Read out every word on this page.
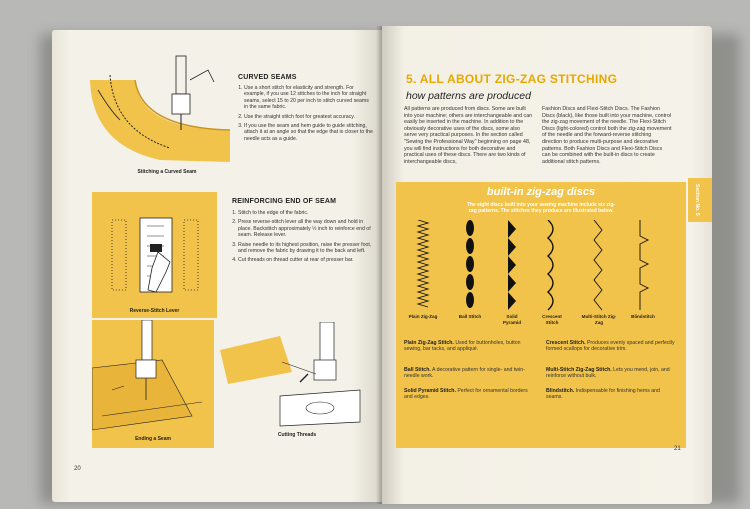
Stitching a Curved Seam
CURVED SEAMS
1. Use a short stitch for elasticity and strength. For example, if you use 12 stitches to the inch for straight seams, select 15 to 20 per inch to stitch curved seams in the same fabric.
2. Use the straight stitch foot for greatest accuracy.
3. If you use the seam and hem guide to guide stitching, attach it at an angle so that the edge that is closer to the needle acts as a guide.
Reverse-Stitch Lever
REINFORCING END OF SEAM
1. Stitch to the edge of the fabric.
2. Press reverse-stitch lever all the way down and hold in place. Backstitch approximately ½ inch to reinforce end of seam. Release lever.
3. Raise needle to its highest position, raise the presser foot, and remove the fabric by drawing it to the back and left.
4. Cut threads on thread cutter at rear of presser bar.
Ending a Seam
Cutting Threads
20
5. ALL ABOUT ZIG-ZAG STITCHING
how patterns are produced
All patterns are produced from discs. Some are built into your machine; others are interchangeable and can easily be inserted in the machine. In addition to the obviously decorative uses of the discs, some also serve very practical purposes. In the section called "Sewing the Professional Way" beginning on page 48, you will find instructions for both decorative and practical uses of these discs. There are two kinds of interchangeable discs,
Fashion Discs and Flexi-Stitch Discs. The Fashion Discs (black), like those built into your machine, control the zig-zag movement of the needle. The Flexi-Stitch Discs (light-colored) control both the zig-zag movement of the needle and the forward-reverse stitching direction to produce multi-purpose and decorative patterns. Both Fashion Discs and Flexi-Stitch Discs can be combined with the built-in discs to create additional stitch patterns.
built-in zig-zag discs
The eight discs built into your sewing machine include six zig-zag patterns. The stitches they produce are illustrated below.
Plain Zig-Zag	Ball Stitch	Solid Pyramid
Crescent Stitch
Multi-Stitch Zig-Zag
Blindstitch
Plain Zig-Zag Stitch. Used for buttonholes, button sewing, bar tacks, and appliqué.
Ball Stitch. A decorative pattern for single- and twin-needle work.
Solid Pyramid Stitch. Perfect for ornamental borders and edges.
Crescent Stitch. Produces evenly spaced and perfectly formed scallops for decorative trim.
Multi-Stitch Zig-Zag Stitch. Lets you mend, join, and reinforce without bulk.
Blindstitch. Indispensable for finishing hems and seams.
Section No. 5
21
